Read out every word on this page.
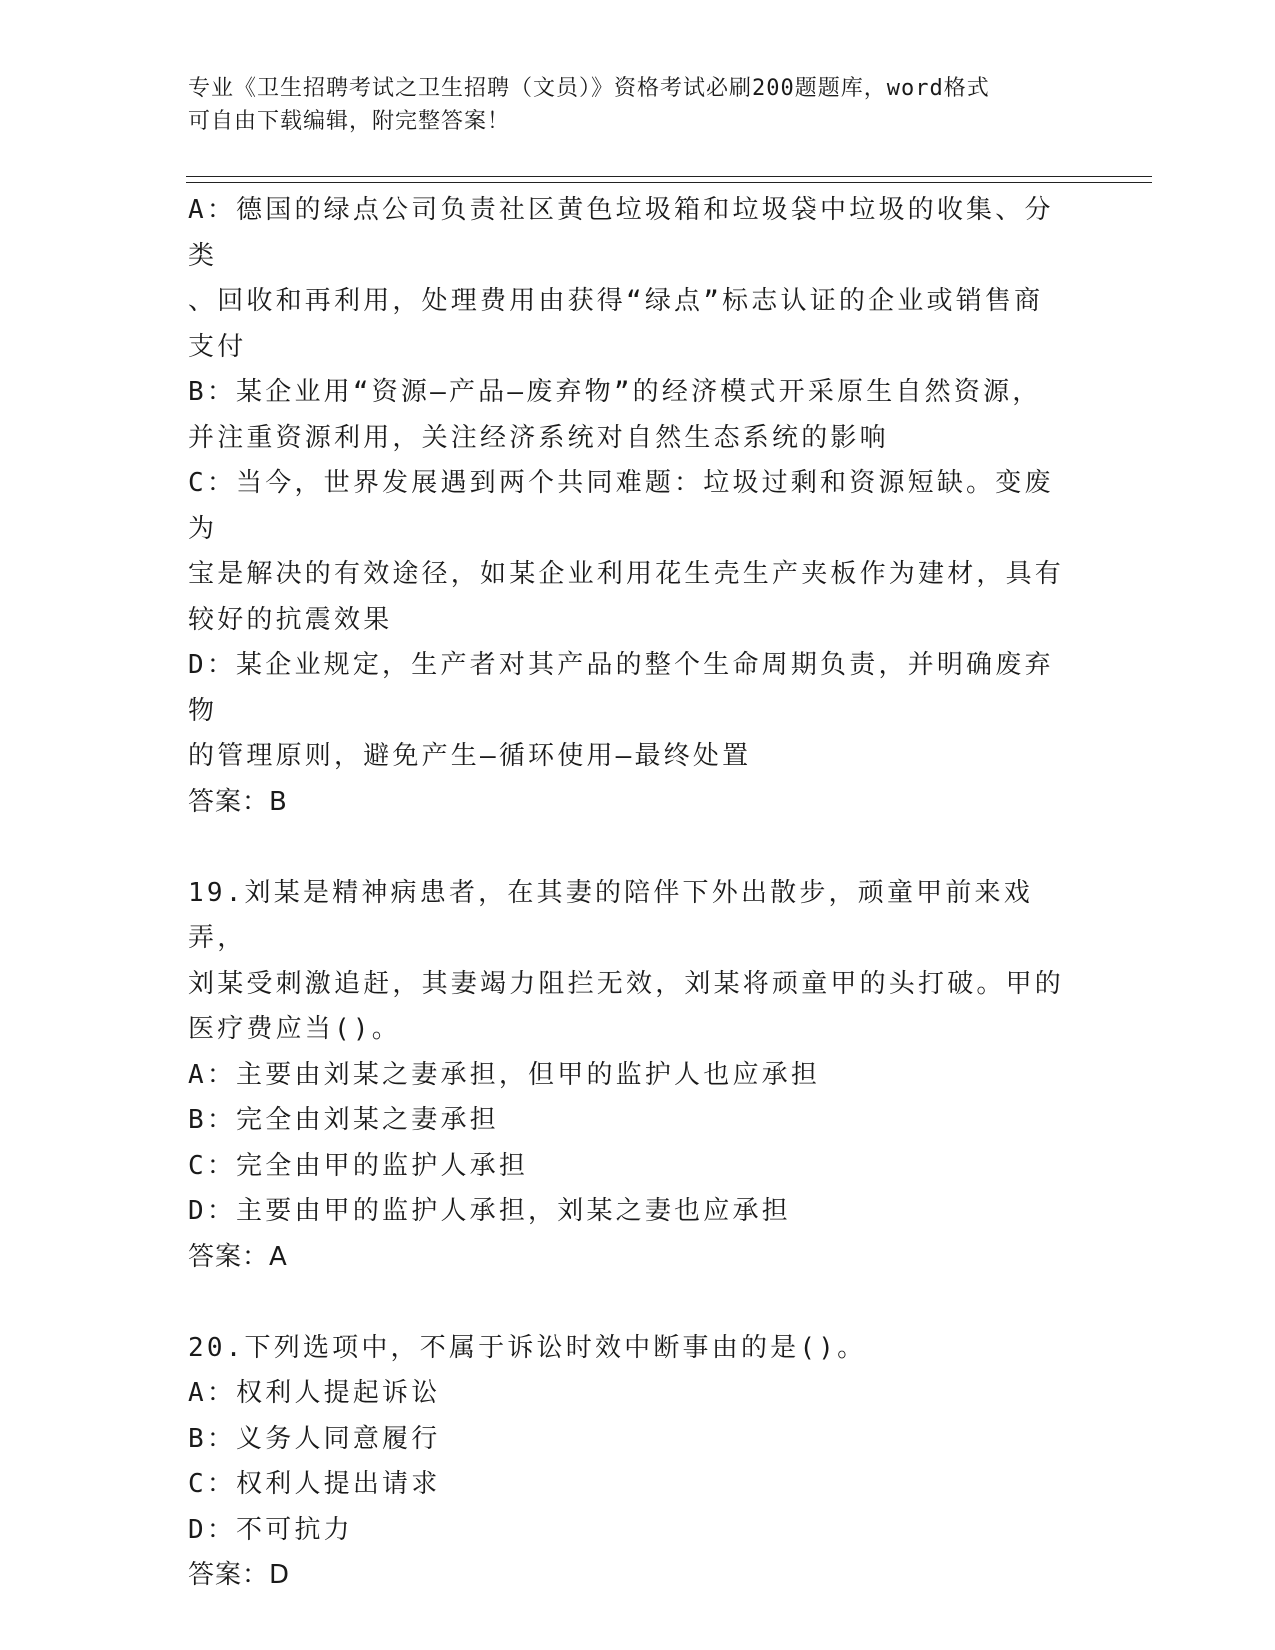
专业《卫生招聘考试之卫生招聘（文员）》资格考试必刷200题题库，word格式

可自由下载编辑，附完整答案！

A：德国的绿点公司负责社区黄色垃圾箱和垃圾袋中垃圾的收集、分类

、回收和再利用，处理费用由获得“绿点”标志认证的企业或销售商

支付

B：某企业用“资源—产品—废弃物”的经济模式开采原生自然资源，

并注重资源利用，关注经济系统对自然生态系统的影响

C：当今，世界发展遇到两个共同难题：垃圾过剩和资源短缺。变废为

宝是解决的有效途径，如某企业利用花生壳生产夹板作为建材，具有

较好的抗震效果

D：某企业规定，生产者对其产品的整个生命周期负责，并明确废弃物

的管理原则，避免产生—循环使用—最终处置

答案：B

19.刘某是精神病患者，在其妻的陪伴下外出散步，顽童甲前来戏弄，

刘某受刺激追赶，其妻竭力阻拦无效，刘某将顽童甲的头打破。甲的

医疗费应当()。

A：主要由刘某之妻承担，但甲的监护人也应承担

B：完全由刘某之妻承担

C：完全由甲的监护人承担

D：主要由甲的监护人承担，刘某之妻也应承担

答案：A

20.下列选项中，不属于诉讼时效中断事由的是()。

A：权利人提起诉讼

B：义务人同意履行

C：权利人提出请求

D：不可抗力

答案：D
